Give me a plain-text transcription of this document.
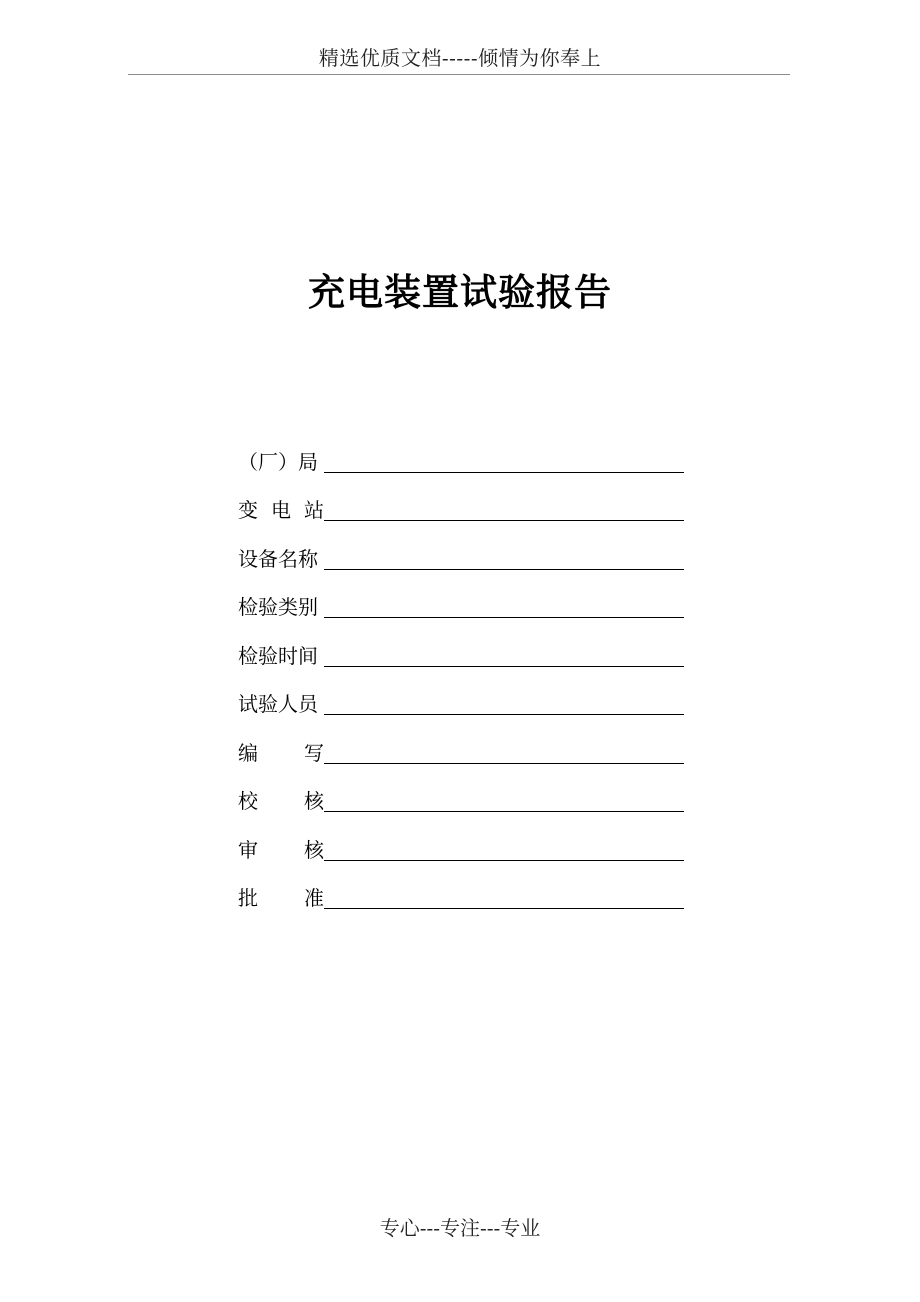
精选优质文档-----倾情为你奉上
充电装置试验报告
（厂）局
变 电 站
设备名称
检验类别
检验时间
试验人员
编 写
校 核
审 核
批 准
专心---专注---专业
